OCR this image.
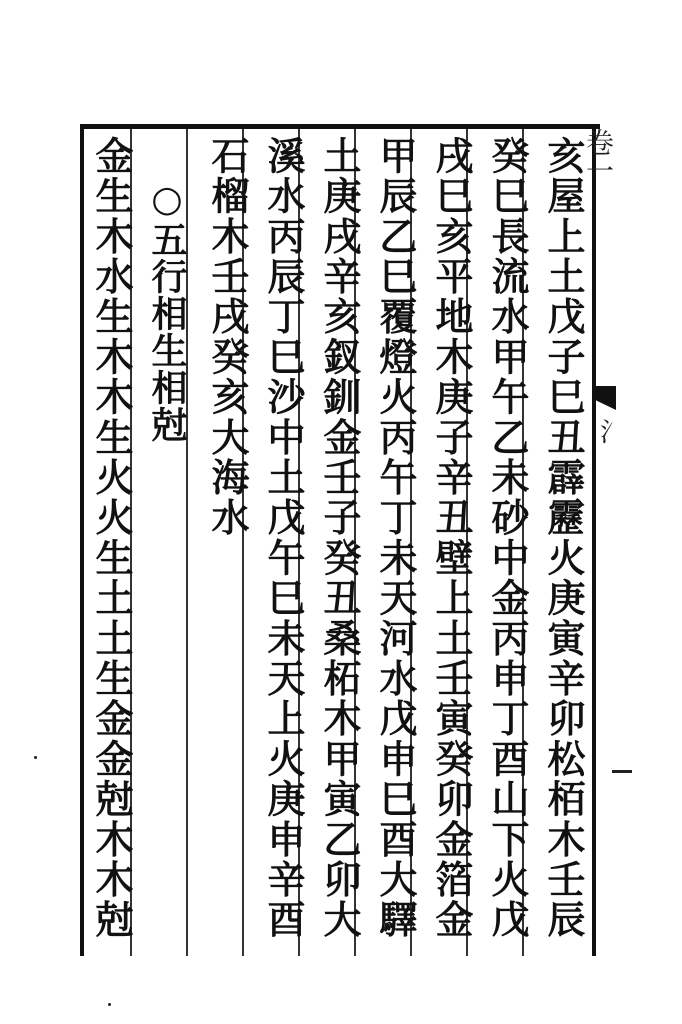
亥屋上土戊子巳丑霹靂火庚寅辛卯松栢木壬辰
癸巳長流水甲午乙未砂中金丙申丁酉山下火戊
戌巳亥平地木庚子辛丑壁上土壬寅癸卯金箔金
甲辰乙巳覆燈火丙午丁未天河水戊申巳酉大驛
土庚戌辛亥釵釧金壬子癸丑桑柘木甲寅乙卯大
溪水丙辰丁巳沙中土戊午巳未天上火庚申辛酉
石榴木壬戌癸亥大海水
○五行相生相尅
金生木水生木木生火火生土土生金金尅木木尅	卷一
氵
